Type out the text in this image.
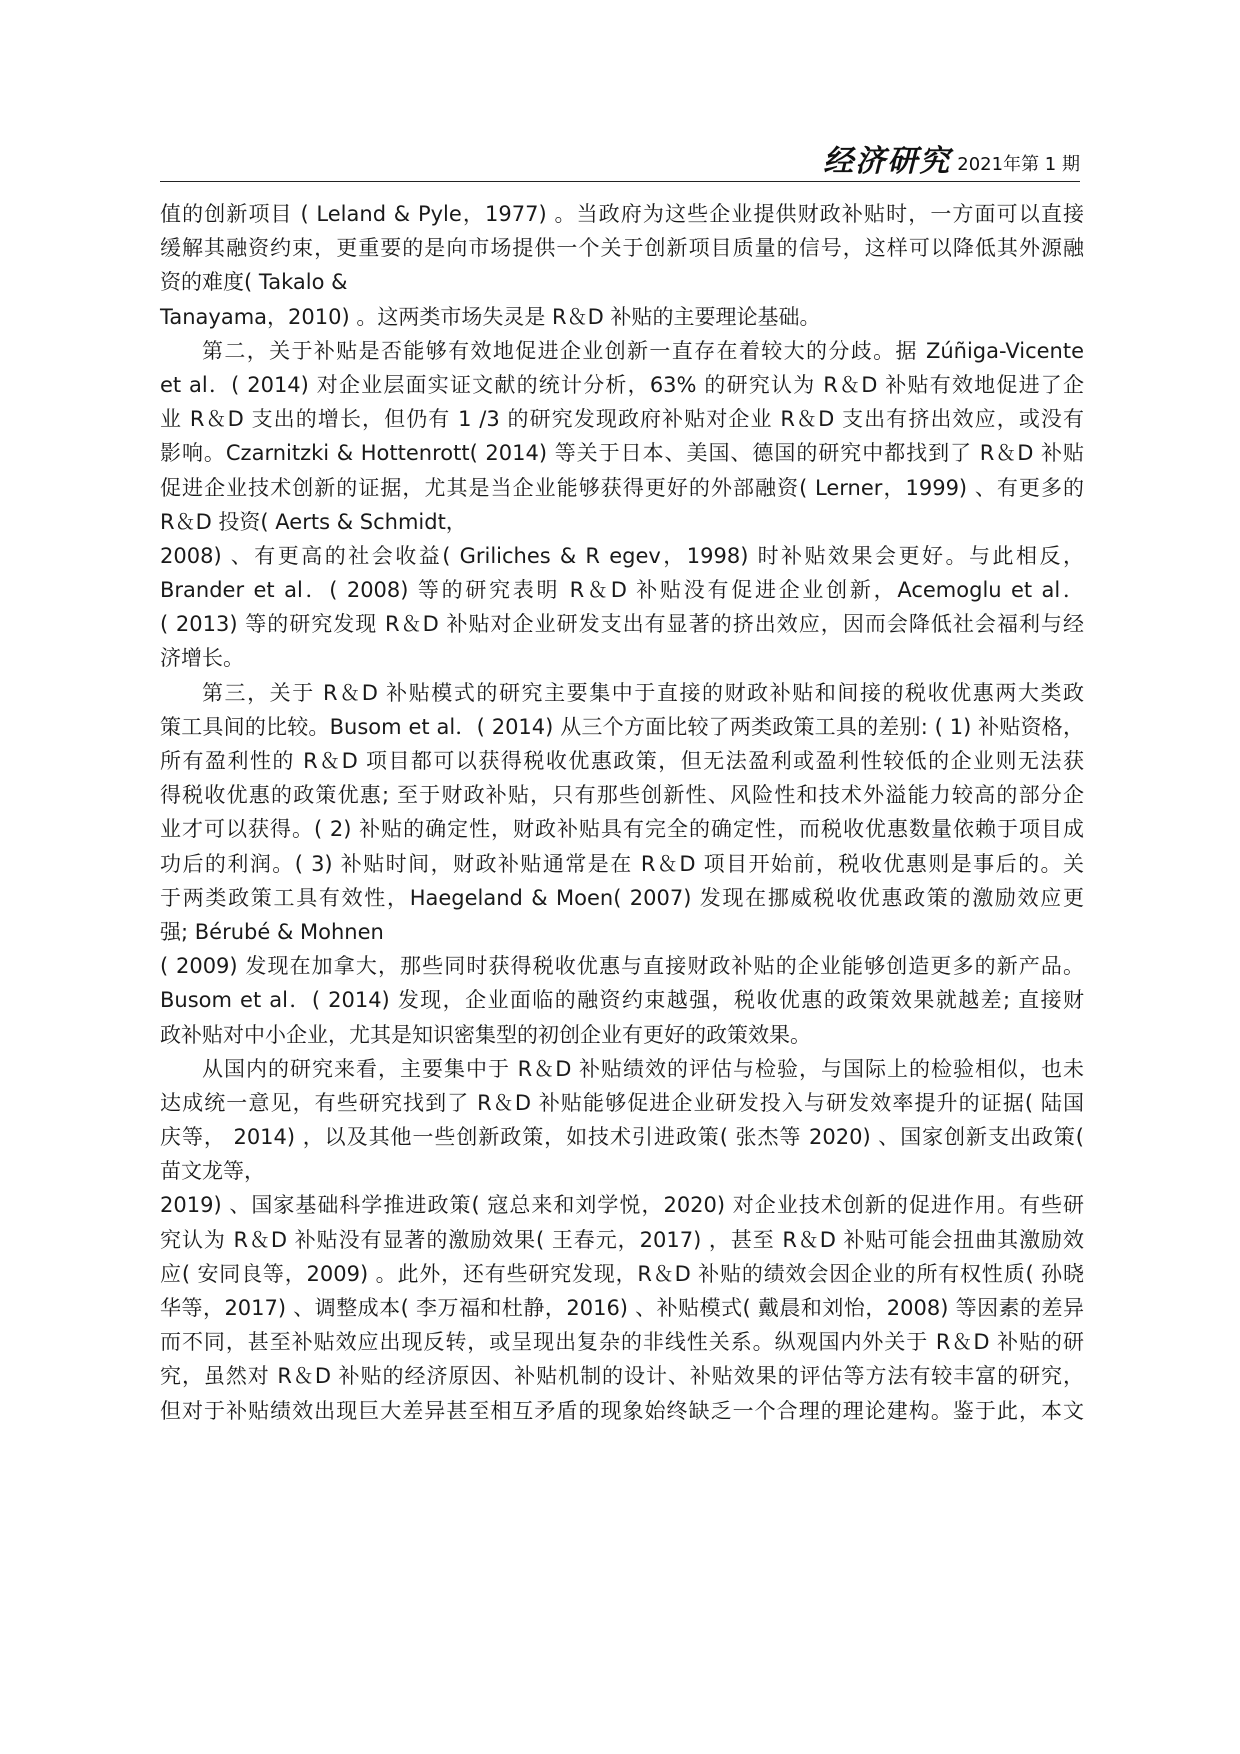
经济研究 2021年第 1 期
值的创新项目 ( Leland & Pyle，1977) 。当政府为这些企业提供财政补贴时，一方面可以直接
缓解其融资约束，更重要的是向市场提供一个关于创新项目质量的信号，这样可以降低其外源融
资的难度( Takalo &
Tanayama，2010) 。这两类市场失灵是 R＆D 补贴的主要理论基础。
第二，关于补贴是否能够有效地促进企业创新一直存在着较大的分歧。据 Zúñiga-Vicente
et al．( 2014) 对企业层面实证文献的统计分析，63% 的研究认为 R＆D 补贴有效地促进了企
业 R＆D 支出的增长，但仍有 1 /3 的研究发现政府补贴对企业 R＆D 支出有挤出效应，或没有
影响。Czarnitzki & Hottenrott( 2014) 等关于日本、美国、德国的研究中都找到了 R＆D 补贴
促进企业技术创新的证据，尤其是当企业能够获得更好的外部融资( Lerner，1999) 、有更多的
R＆D 投资( Aerts & Schmidt，
2008) 、有更高的社会收益( Griliches & R egev，1998) 时补贴效果会更好。与此相反，
Brander et al．( 2008) 等的研究表明 R＆D 补贴没有促进企业创新，Acemoglu et al．
( 2013) 等的研究发现 R＆D 补贴对企业研发支出有显著的挤出效应，因而会降低社会福利与经
济增长。
第三，关于 R＆D 补贴模式的研究主要集中于直接的财政补贴和间接的税收优惠两大类政
策工具间的比较。Busom et al．( 2014) 从三个方面比较了两类政策工具的差别: ( 1) 补贴资格，
所有盈利性的 R＆D 项目都可以获得税收优惠政策，但无法盈利或盈利性较低的企业则无法获
得税收优惠的政策优惠; 至于财政补贴，只有那些创新性、风险性和技术外溢能力较高的部分企
业才可以获得。( 2) 补贴的确定性，财政补贴具有完全的确定性，而税收优惠数量依赖于项目成
功后的利润。( 3) 补贴时间，财政补贴通常是在 R＆D 项目开始前，税收优惠则是事后的。关
于两类政策工具有效性，Haegeland & Moen( 2007) 发现在挪威税收优惠政策的激励效应更
强; Bérubé & Mohnen
( 2009) 发现在加拿大，那些同时获得税收优惠与直接财政补贴的企业能够创造更多的新产品。
Busom et al．( 2014) 发现，企业面临的融资约束越强，税收优惠的政策效果就越差; 直接财
政补贴对中小企业，尤其是知识密集型的初创企业有更好的政策效果。
从国内的研究来看，主要集中于 R＆D 补贴绩效的评估与检验，与国际上的检验相似，也未
达成统一意见，有些研究找到了 R＆D 补贴能够促进企业研发投入与研发效率提升的证据( 陆国
庆等， 2014) ，以及其他一些创新政策，如技术引进政策( 张杰等 2020) 、国家创新支出政策(
苗文龙等，
2019) 、国家基础科学推进政策( 寇总来和刘学悦，2020) 对企业技术创新的促进作用。有些研
究认为 R＆D 补贴没有显著的激励效果( 王春元，2017) ，甚至 R＆D 补贴可能会扭曲其激励效
应( 安同良等，2009) 。此外，还有些研究发现，R＆D 补贴的绩效会因企业的所有权性质( 孙晓
华等，2017) 、调整成本( 李万福和杜静，2016) 、补贴模式( 戴晨和刘怡，2008) 等因素的差异
而不同，甚至补贴效应出现反转，或呈现出复杂的非线性关系。纵观国内外关于 R＆D 补贴的研
究，虽然对 R＆D 补贴的经济原因、补贴机制的设计、补贴效果的评估等方法有较丰富的研究，
但对于补贴绩效出现巨大差异甚至相互矛盾的现象始终缺乏一个合理的理论建构。鉴于此，本文
